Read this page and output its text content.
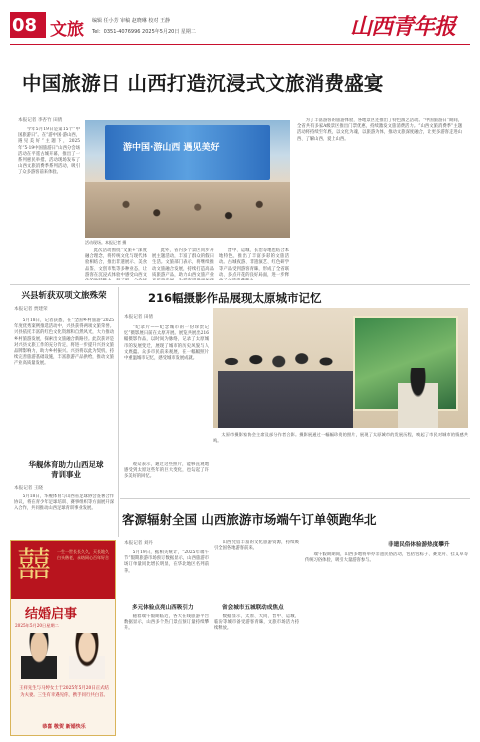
08 文旅 编辑 任小芳 审稿 赵晓琳 校对 王静
Tel：0351-4076996 2025年5月20日 星期二	山西青年报
中国旅游日 山西打造沉浸式文旅消费盛宴
本报记者 李杏竹 田倩

今年5月19日是第15个“中国旅游日”。在“游中国·游山西，遇见美好”主题下，2025年“5·19中国旅游日”山西分会场活动在平遥古城开幕，推出了一系列惠民举措。活动现场发布了山西文旅消费季系列活动，吸引了众多游客前来体验。

游中国·游山西 遇见美好
活动现场。本报记者 摄

此次活动围绕“文旅+”深度融合理念，将传统文化与现代体验相结合，推出非遗展示、美食品鉴、文创市集等多种业态，让游客在沉浸式体验中感受山西文

此外，省内多个景区同步开展主题活动，丰富了群众的假日生活。文旅部门表示，将继续推动文旅融合发展，持续打造高品质旅游产品，助力山西文旅产业

晋中、运城、长治等地也结合本地特色，推出了丰富多彩的文旅活动。古城夜游、非遗演艺、红色研学等产品受到游客青睐，形成了全省联动、多点开花的良好局面，进一步释

为了丰富游客的旅游体验，各地景区还推出了特色演艺活动。“中国旅游日”期间，全省共有多家A级景区推出门票优惠，持续激发文旅消费活力。“山西文旅消费季”主题活动将持续至年底，以文化为魂，以旅游为体，推动文旅深度融合，让更多游客走进山西、了解山西、爱上山西。

兴县斩获双项文旅殊荣
本报记者 贾建荣

5月18日，记者获悉，在“全国乡村旅游”2025年度优秀案例推选活动中，兴县获得两项文旅荣誉。兴县依托丰富的红色文化资源和自然风光，大力推动乡村旅游发展，探索出文旅融合新路径。此次获评是对兴县文旅工作的充分肯定，将进一步提升兴县文旅品牌影响力，助力乡村振兴。兴县将以此为契机，持续完善旅游基础设施，丰富旅游产品供给，推动文旅产业高质量发展。

华舰体育助力山西足球青训事业
本报记者 王晓

5月18日，华舰体育与山西省足球协会签署合作协议，将在青少年足球培训、赛事组织等方面展开深入合作，共同推动山西足球青训事业发展。

216幅摄影作品展现太原城市记忆
本报记者 田倩

“纪录片——纪念城市的一份珍贵记忆”摄影展日前在太原开展。展览共展出216幅摄影作品，以时间为脉络，记录了太原城市的发展变迁，展现了城市的历史风貌与人文底蕴。众多市民前来观展，在一幅幅照片中重温城市记忆，感受城市发展成就。

观众表示，通过这些照片，能够直观地感受到太原这些年的巨大变化，也勾起了许多美好的回忆。

太原市摄影家协会主席及部分作者合影。摄影展通过一幅幅珍贵的照片，展现了太原城市的发展历程，唤起了市民对城市的情感共鸣。

客源辐射全国 山西旅游市场端午订单领跑华北
囍 一生一世长长久久，天长地久白头偕老，永结同心百年好合
结婚启事
2025年5月20日星期二
王祥先生与马婷女士于2025年5月20日正式结为夫妻。三生有幸遇见你，携手同行共白首。
恭喜 敬贺 新婚快乐
本报记者 刘丹

5月19日，据相关统计，“2025年端午节”假期旅游市场预订数据显示，山西旅游市场订单量同比增长明显，在华北地区名列前茅。

多元体验点亮山西吸引力

随着端午假期临近，各大在线旅游平台数据显示，山西多个热门景点预订量持续攀升。

山西凭借丰富的文化旅游资源，持续吸引全国各地游客前来。

省会城市五城联动成焦点

数据显示，太原、大同、晋中、运城、临汾等城市备受游客青睐，文旅市场活力持续释放。

非遗民俗体验游热度攀升

端午假期期间，山西多地将举办非遗民俗活动，包括包粽子、赛龙舟、挂艾草等传统习俗体验，吸引大量游客参与。
